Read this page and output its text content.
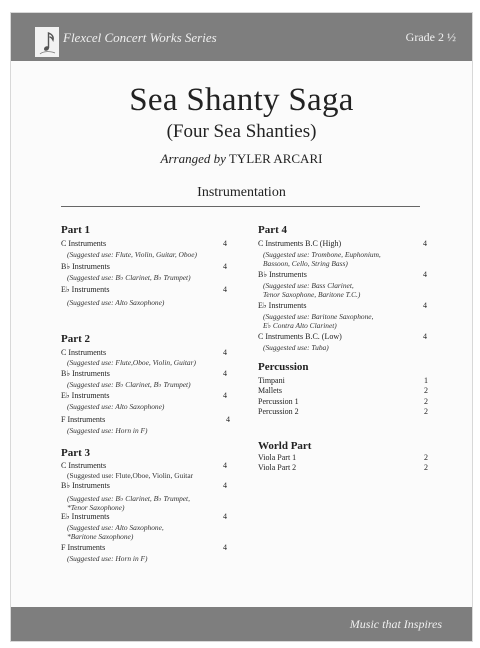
Flexcel Concert Works Series	Grade 2 ½
Sea Shanty Saga
(Four Sea Shanties)
Arranged by TYLER ARCARI
Instrumentation
Part 1
C Instruments	4
(Suggested use: Flute, Violin, Guitar, Oboe)
B♭ Instruments	4
(Suggested use: B♭ Clarinet, B♭ Trumpet)
E♭ Instruments	4
(Suggested use: Alto Saxophone)
Part 2
C Instruments	4
(Suggested use: Flute,Oboe, Violin, Guitar)
B♭ Instruments	4
(Suggested use: B♭ Clarinet, B♭ Trumpet)
E♭ Instruments	4
(Suggested use: Alto Saxophone)
F Instruments	4
(Suggested use: Horn in F)
Part 3
C Instruments	4
(Suggested use: Flute,Oboe, Violin, Guitar
B♭ Instruments	4
(Suggested use: B♭ Clarinet, B♭ Trumpet,
*Tenor Saxophone)
E♭ Instruments	4
(Suggested use: Alto Saxophone,
*Baritone Saxophone)
F Instruments	4
(Suggested use: Horn in F)
Part 4
C Instruments B.C (High)	4
(Suggested use: Trombone, Euphonium,
Bassoon, Cello, String Bass)
B♭ Instruments	4
(Suggested use: Bass Clarinet,
Tenor Saxophone, Baritone T.C.)
E♭ Instruments	4
(Suggested use: Baritone Saxophone,
E♭ Contra Alto Clarinet)
C Instruments B.C. (Low)	4
(Suggested use: Tuba)
Percussion
Timpani	1
Mallets	2
Percussion 1	2
Percussion 2	2
World Part
Viola Part 1	2
Viola Part 2	2
Music that Inspires
